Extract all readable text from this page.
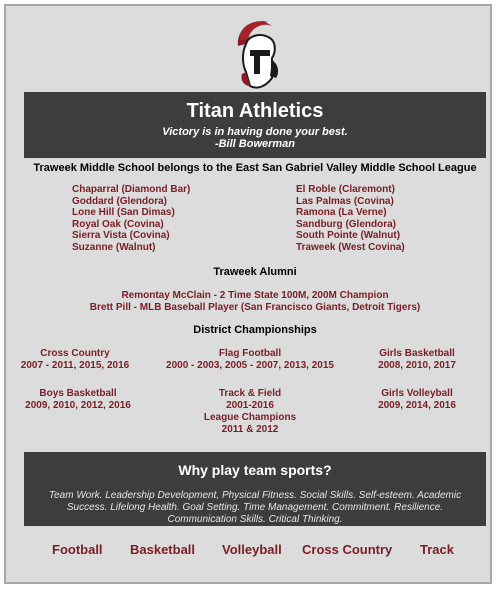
Titan Athletics
Victory is in having done your best.
-Bill Bowerman
Traweek Middle School belongs to the East San Gabriel Valley Middle School League
Chaparral (Diamond Bar)
Goddard (Glendora)
Lone Hill (San Dimas)
Royal Oak (Covina)
Sierra Vista (Covina)
Suzanne (Walnut)
El Roble (Claremont)
Las Palmas (Covina)
Ramona (La Verne)
Sandburg (Glendora)
South Pointe (Walnut)
Traweek (West Covina)
Traweek Alumni
Remontay McClain - 2 Time State 100M, 200M Champion
Brett Pill - MLB Baseball Player (San Francisco Giants, Detroit Tigers)
District Championships
Cross Country
2007 - 2011, 2015, 2016
Flag Football
2000 - 2003, 2005 - 2007, 2013, 2015
Girls Basketball
2008, 2010, 2017
Boys Basketball
2009, 2010, 2012, 2016
Track & Field
2001-2016
League Champions
2011 & 2012
Girls Volleyball
2009, 2014, 2016
Why play team sports?
Team Work. Leadership Development, Physical Fitness. Social Skills. Self-esteem. Academic Success. Lifelong Health. Goal Setting. Time Management. Commitment. Resilience. Communication Skills. Critical Thinking.
Football Basketball Volleyball Cross Country Track
